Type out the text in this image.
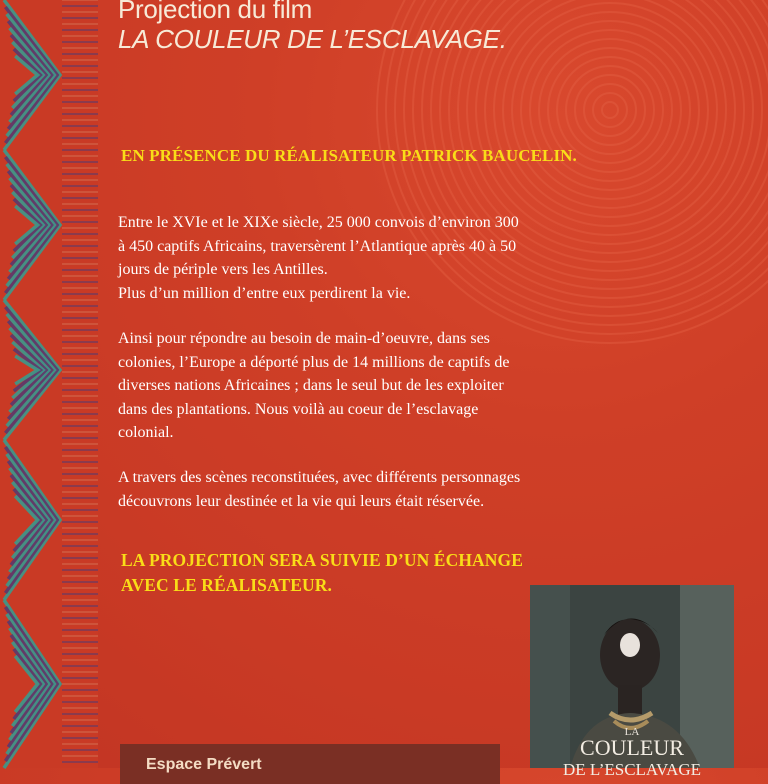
Projection du film
LA COULEUR DE L’ESCLAVAGE.
EN PRÉSENCE DU RÉALISATEUR PATRICK BAUCELIN.
Entre le XVIe et le XIXe siècle, 25 000 convois d’environ 300
à 450 captifs Africains, traversèrent l’Atlantique après 40 à 50
jours de périple vers les Antilles.
Plus d’un million d’entre eux perdirent la vie.
Ainsi pour répondre au besoin de main-d’oeuvre, dans ses
colonies, l’Europe a déporté plus de 14 millions de captifs de
diverses nations Africaines ; dans le seul but de les exploiter
dans des plantations. Nous voilà au coeur de l’esclavage
colonial.
A travers des scènes reconstituées, avec différents personnages
découvrons leur destinée et la vie qui leurs était réservée.
LA PROJECTION SERA SUIVIE D’UN ÉCHANGE
AVEC LE RÉALISATEUR.
Espace Prévert
LA
COULEUR
DE L’ESCLAVAGE
